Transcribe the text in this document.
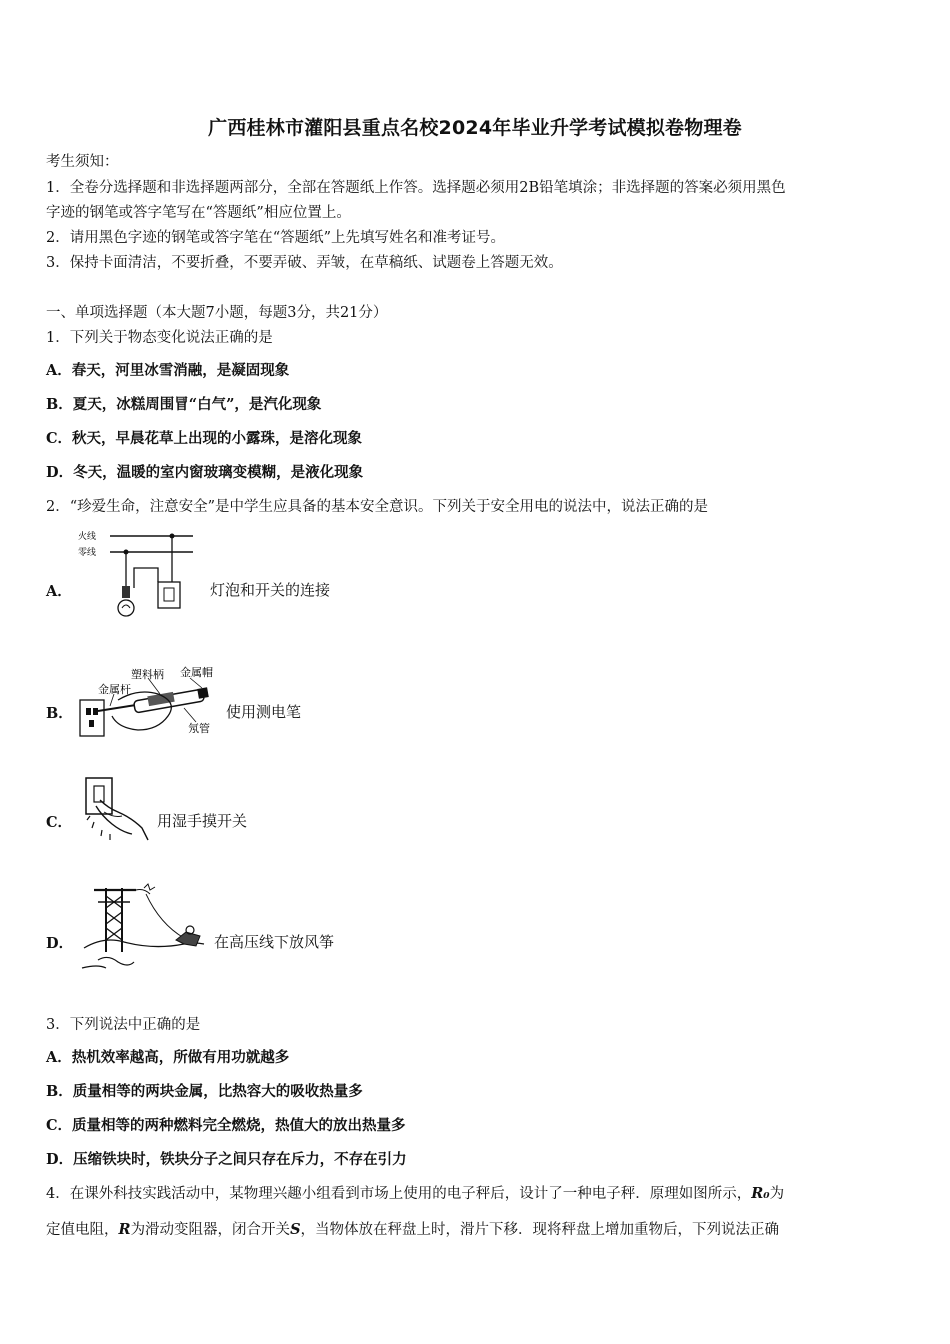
广西桂林市灌阳县重点名校2024年毕业升学考试模拟卷物理卷
考生须知：
1．全卷分选择题和非选择题两部分，全部在答题纸上作答。选择题必须用2B铅笔填涂；非选择题的答案必须用黑色
字迹的钢笔或答字笔写在“答题纸”相应位置上。
2．请用黑色字迹的钢笔或答字笔在“答题纸”上先填写姓名和准考证号。
3．保持卡面清洁，不要折叠，不要弄破、弄皱，在草稿纸、试题卷上答题无效。
一、单项选择题（本大题7小题，每题3分，共21分）
1．下列关于物态变化说法正确的是
A．春天，河里冰雪消融，是凝固现象
B．夏天，冰糕周围冒“白气”，是汽化现象
C．秋天，早晨花草上出现的小露珠，是溶化现象
D．冬天，温暖的室内窗玻璃变模糊，是液化现象
2．“珍爱生命，注意安全”是中学生应具备的基本安全意识。下列关于安全用电的说法中，说法正确的是
A．
火线
零线
灯泡和开关的连接
B．
塑料柄 金属帽
金属杆
氖管
使用测电笔
C．	用湿手摸开关
D．	在高压线下放风筝
3．下列说法中正确的是
A．热机效率越高，所做有用功就越多
B．质量相等的两块金属，比热容大的吸收热量多
C．质量相等的两种燃料完全燃烧，热值大的放出热量多
D．压缩铁块时，铁块分子之间只存在斥力，不存在引力
4．在课外科技实践活动中，某物理兴趣小组看到市场上使用的电子秤后，设计了一种电子秤．原理如图所示，R₀为
定值电阻，R为滑动变阻器，闭合开关S，当物体放在秤盘上时，滑片下移．现将秤盘上增加重物后，下列说法正确
